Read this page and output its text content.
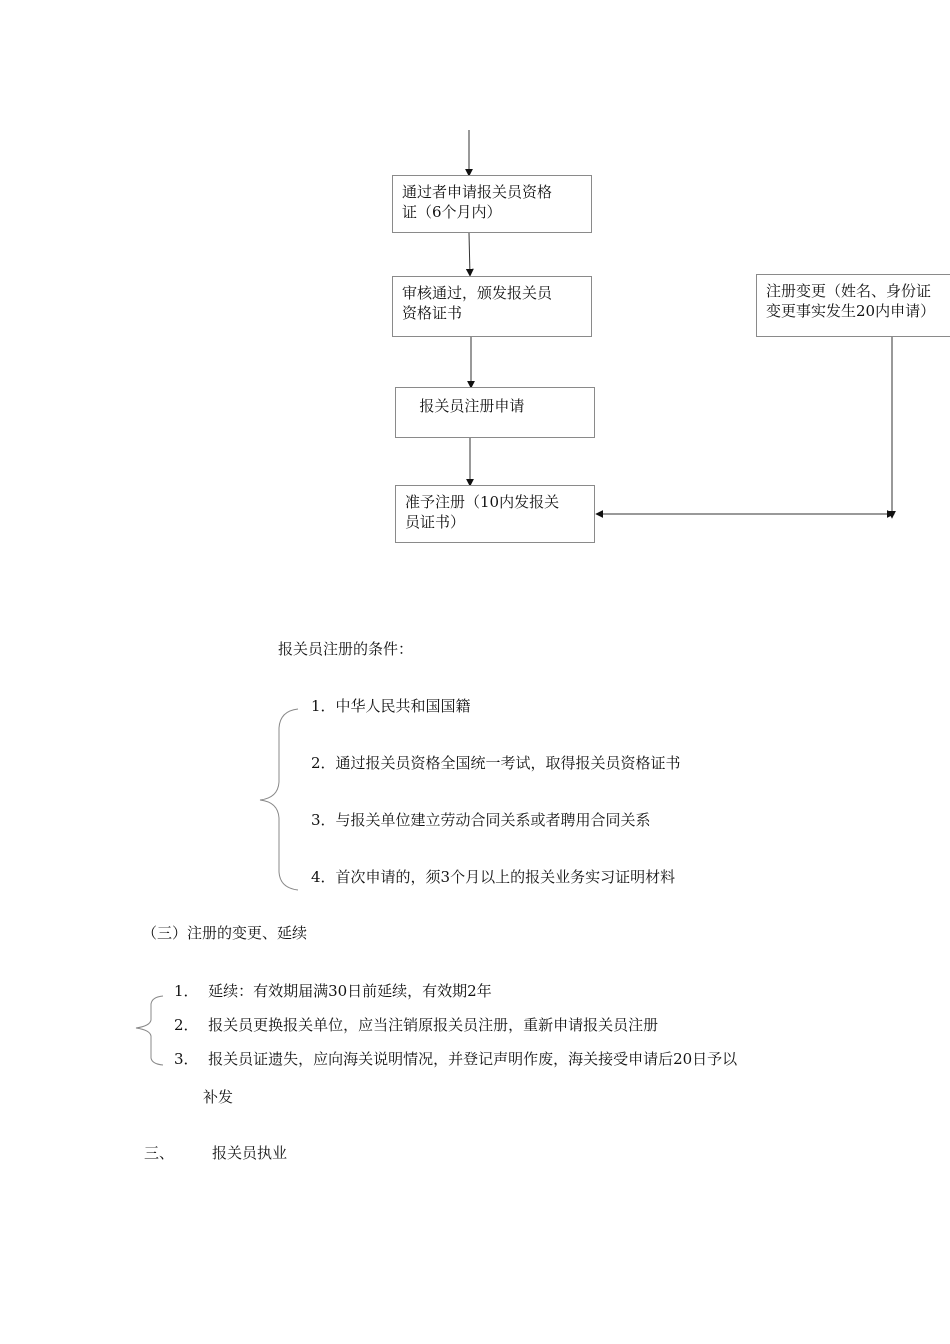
通过者申请报关员资格
证（6个月内）
审核通过，颁发报关员
资格证书
报关员注册申请
准予注册（10内发报关
员证书）
注册变更（姓名、身份证
变更事实发生20内申请）
报关员注册的条件：
1．中华人民共和国国籍
2．通过报关员资格全国统一考试，取得报关员资格证书
3．与报关单位建立劳动合同关系或者聘用合同关系
4．首次申请的，须3个月以上的报关业务实习证明材料
（三）注册的变更、延续
1．  延续：有效期届满30日前延续，有效期2年
2．  报关员更换报关单位，应当注销原报关员注册，重新申请报关员注册
3．  报关员证遗失，应向海关说明情况，并登记声明作废，海关接受申请后20日予以
补发
三、	报关员执业
